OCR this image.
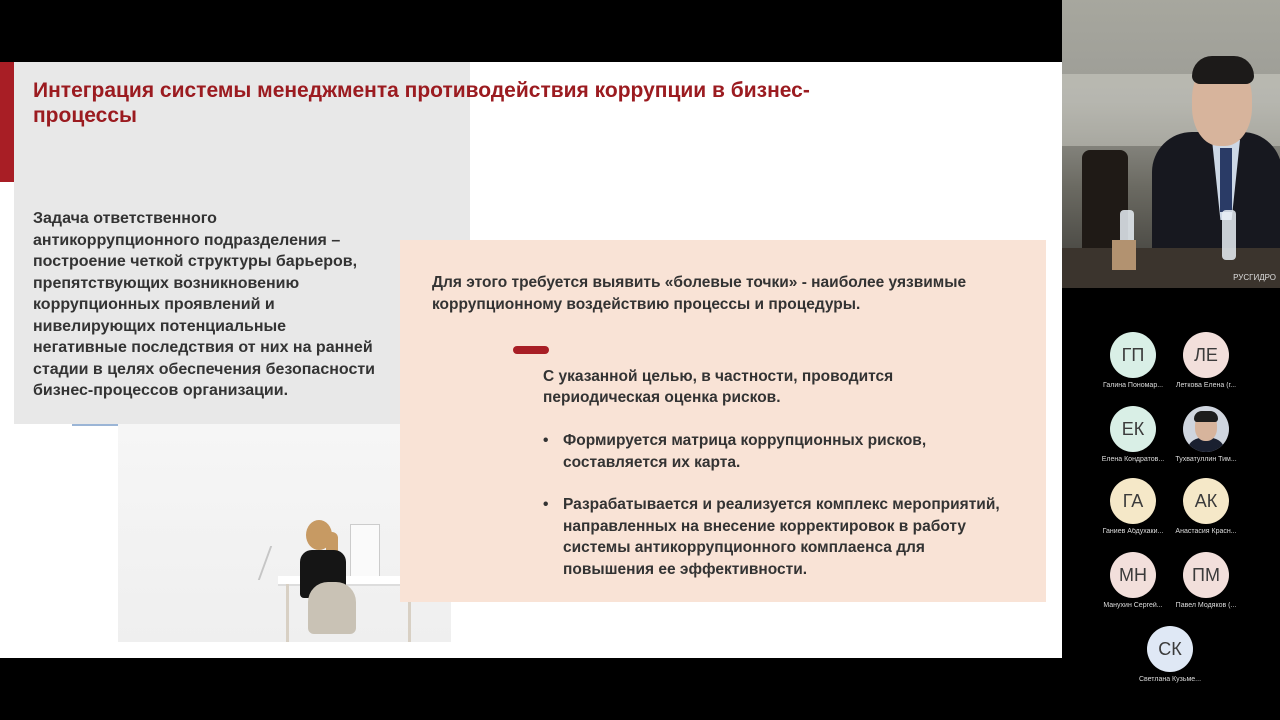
Интеграция системы менеджмента противодействия коррупции в бизнес-процессы
Задача ответственного антикоррупционного подразделения – построение четкой структуры барьеров, препятствующих возникновению коррупционных проявлений и нивелирующих потенциальные негативные последствия от них на ранней стадии в целях обеспечения безопасности бизнес-процессов организации.
Для этого требуется выявить «болевые точки» - наиболее уязвимые коррупционному воздействию процессы и процедуры.
С указанной целью, в частности, проводится периодическая оценка рисков.
• Формируется матрица коррупционных рисков, составляется их карта.
• Разрабатывается и реализуется комплекс мероприятий, направленных на внесение корректировок в работу системы антикоррупционного комплаенса для повышения ее эффективности.
РУСГИДРО
ГП
Галина Пономар...
ЛЕ
Леткова Елена (г...
ЕК
Елена Кондратов...	Тухватуллин Тим...
ГА
Ганиев Абдухаки...
АК
Анастасия Красн...
МН
Манухин Сергей...
ПМ
Павел Модяков (...
СК
Светлана Кузьме...
